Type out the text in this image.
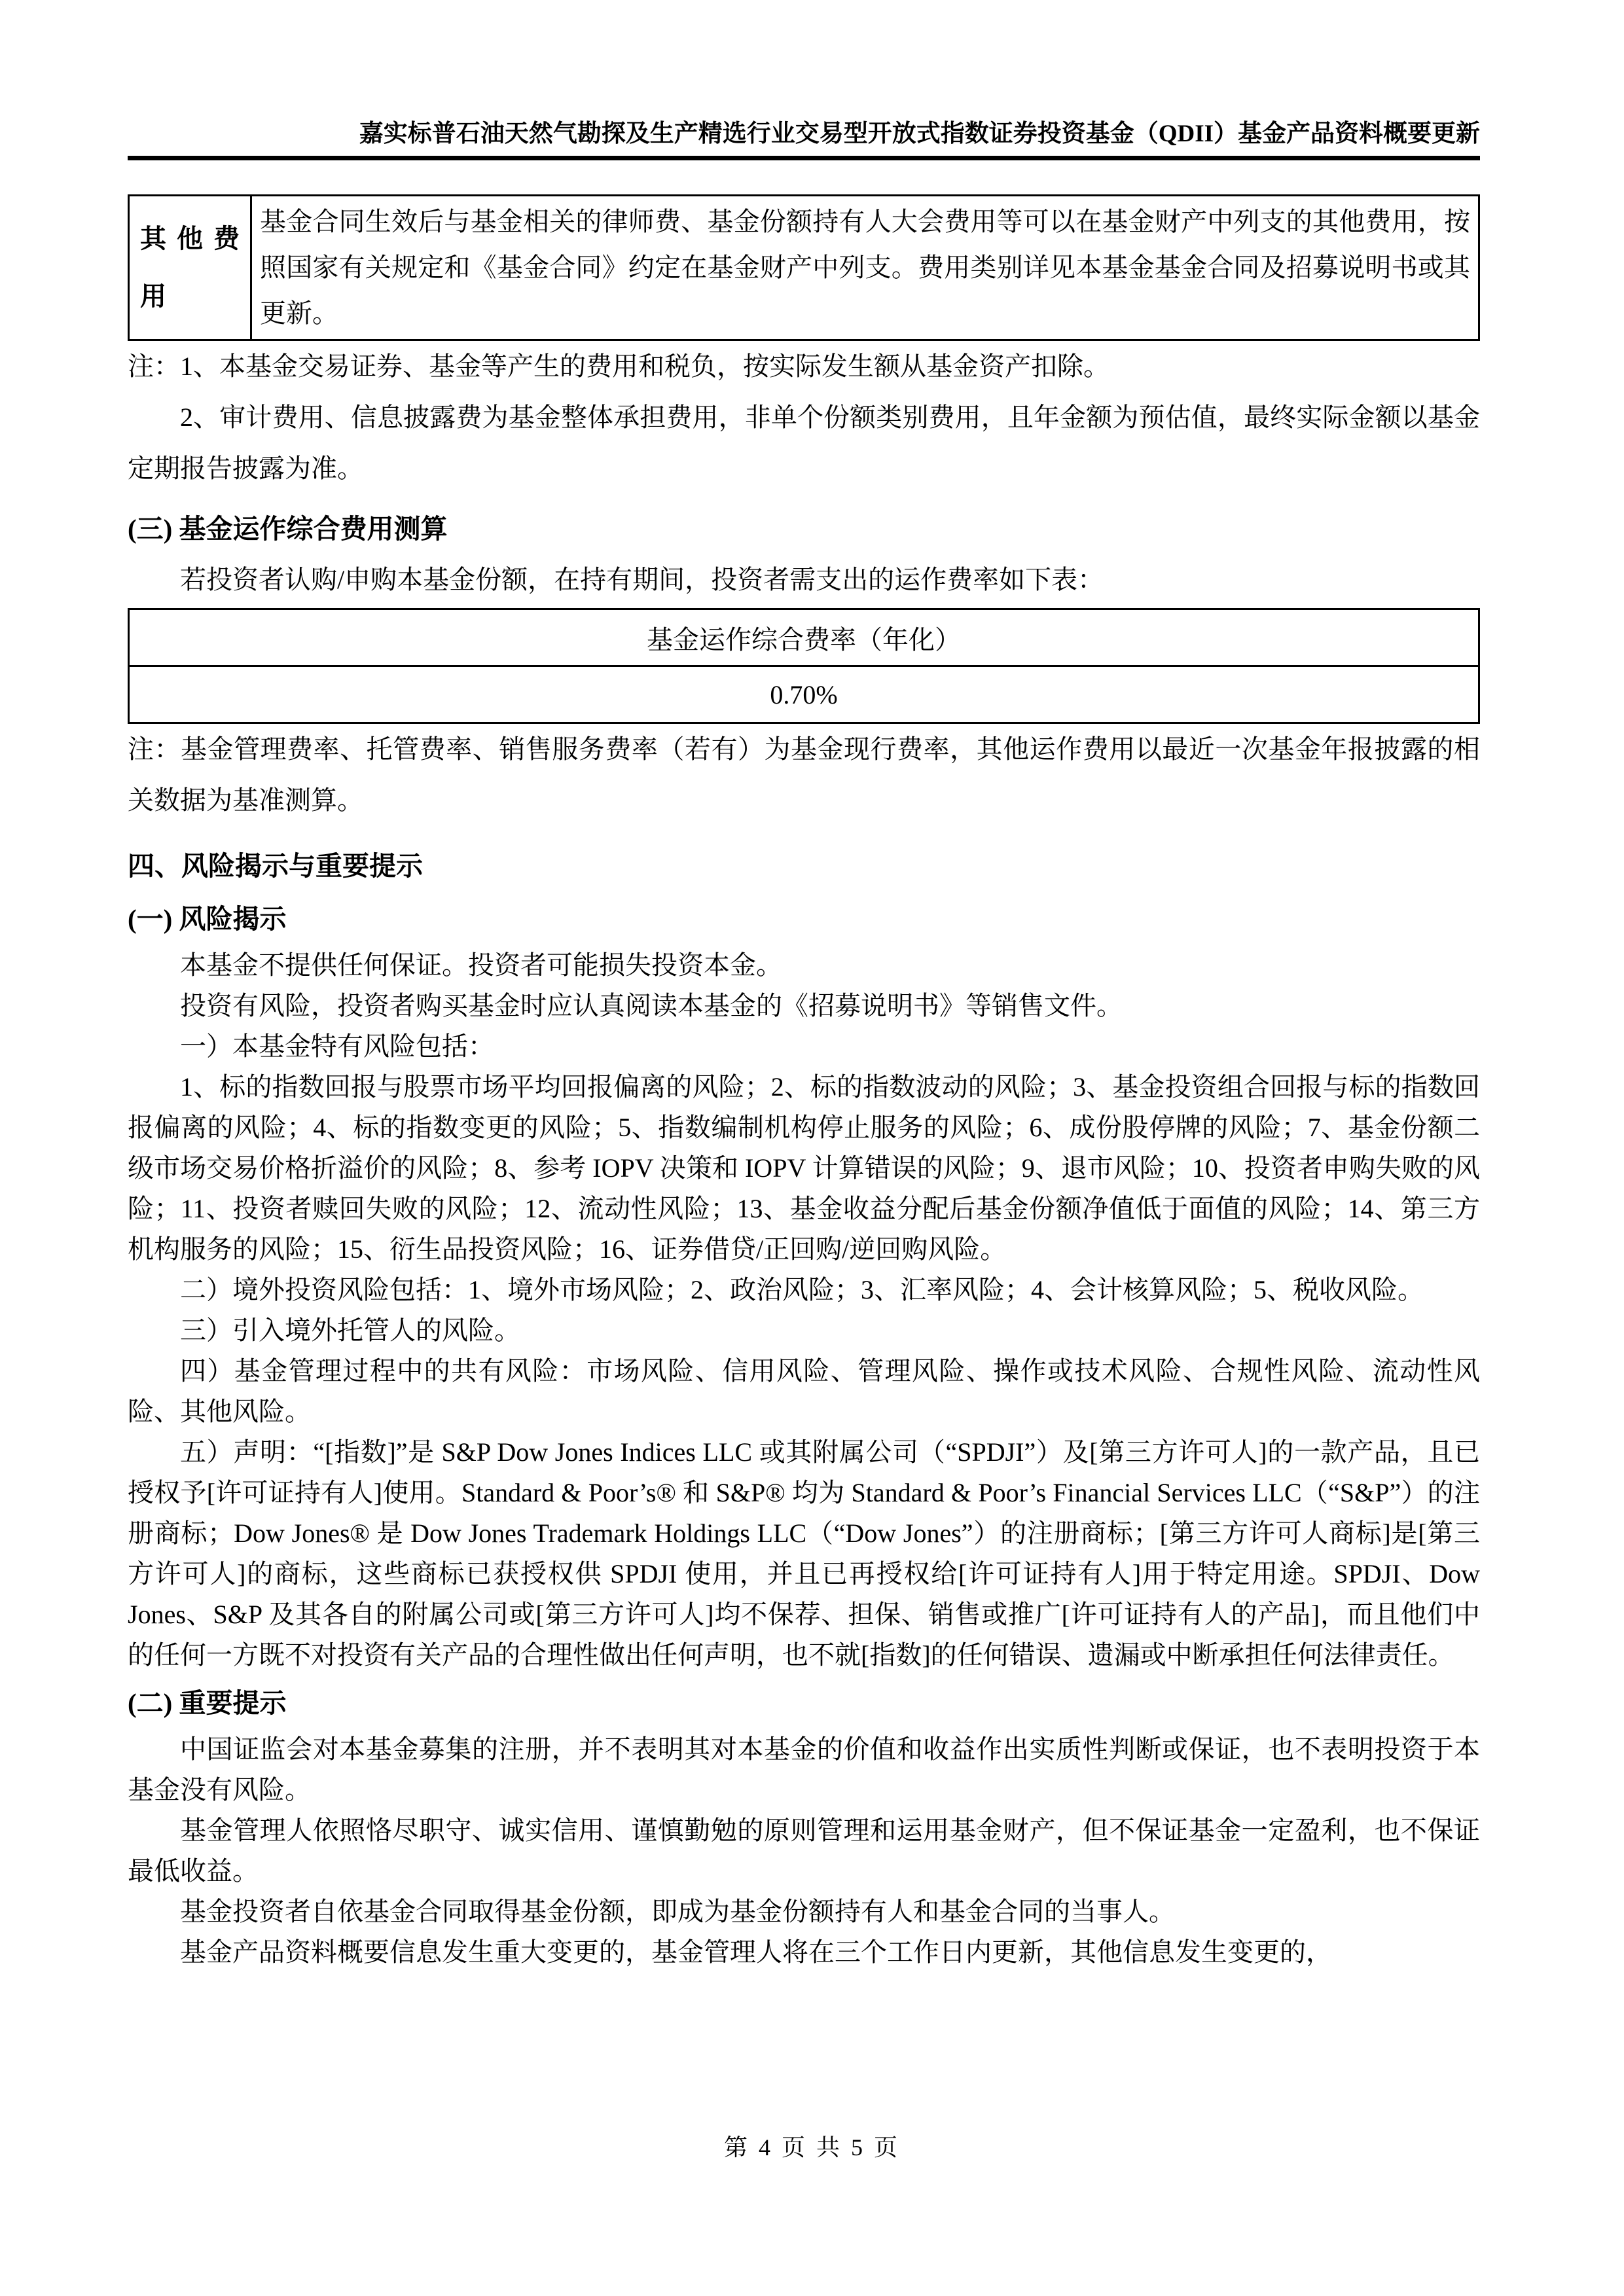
嘉实标普石油天然气勘探及生产精选行业交易型开放式指数证券投资基金（QDII）基金产品资料概要更新
其他费用	基金合同生效后与基金相关的律师费、基金份额持有人大会费用等可以在基金财产中列支的其他费用，按照国家有关规定和《基金合同》约定在基金财产中列支。费用类别详见本基金基金合同及招募说明书或其更新。

注：1、本基金交易证券、基金等产生的费用和税负，按实际发生额从基金资产扣除。

2、审计费用、信息披露费为基金整体承担费用，非单个份额类别费用，且年金额为预估值，最终实际金额以基金定期报告披露为准。

(三) 基金运作综合费用测算

若投资者认购/申购本基金份额，在持有期间，投资者需支出的运作费率如下表：

基金运作综合费率（年化）
0.70%

注：基金管理费率、托管费率、销售服务费率（若有）为基金现行费率，其他运作费用以最近一次基金年报披露的相关数据为基准测算。

四、风险揭示与重要提示
(一) 风险揭示

本基金不提供任何保证。投资者可能损失投资本金。

投资有风险，投资者购买基金时应认真阅读本基金的《招募说明书》等销售文件。

一）本基金特有风险包括：

1、标的指数回报与股票市场平均回报偏离的风险；2、标的指数波动的风险；3、基金投资组合回报与标的指数回报偏离的风险；4、标的指数变更的风险；5、指数编制机构停止服务的风险；6、成份股停牌的风险；7、基金份额二级市场交易价格折溢价的风险；8、参考 IOPV 决策和 IOPV 计算错误的风险；9、退市风险；10、投资者申购失败的风险；11、投资者赎回失败的风险；12、流动性风险；13、基金收益分配后基金份额净值低于面值的风险；14、第三方机构服务的风险；15、衍生品投资风险；16、证券借贷/正回购/逆回购风险。

二）境外投资风险包括：1、境外市场风险；2、政治风险；3、汇率风险；4、会计核算风险；5、税收风险。

三）引入境外托管人的风险。

四）基金管理过程中的共有风险：市场风险、信用风险、管理风险、操作或技术风险、合规性风险、流动性风险、其他风险。

五）声明：“[指数]”是 S&P Dow Jones Indices LLC 或其附属公司（“SPDJI”）及[第三方许可人]的一款产品，且已授权予[许可证持有人]使用。Standard & Poor’s® 和 S&P® 均为 Standard & Poor’s Financial Services LLC（“S&P”）的注册商标；Dow Jones® 是 Dow Jones Trademark Holdings LLC（“Dow Jones”）的注册商标；[第三方许可人商标]是[第三方许可人]的商标，这些商标已获授权供 SPDJI 使用，并且已再授权给[许可证持有人]用于特定用途。SPDJI、Dow Jones、S&P 及其各自的附属公司或[第三方许可人]均不保荐、担保、销售或推广[许可证持有人的产品]，而且他们中的任何一方既不对投资有关产品的合理性做出任何声明，也不就[指数]的任何错误、遗漏或中断承担任何法律责任。

(二) 重要提示

中国证监会对本基金募集的注册，并不表明其对本基金的价值和收益作出实质性判断或保证，也不表明投资于本基金没有风险。

基金管理人依照恪尽职守、诚实信用、谨慎勤勉的原则管理和运用基金财产，但不保证基金一定盈利，也不保证最低收益。

基金投资者自依基金合同取得基金份额，即成为基金份额持有人和基金合同的当事人。

基金产品资料概要信息发生重大变更的，基金管理人将在三个工作日内更新，其他信息发生变更的，

第 4 页 共 5 页
